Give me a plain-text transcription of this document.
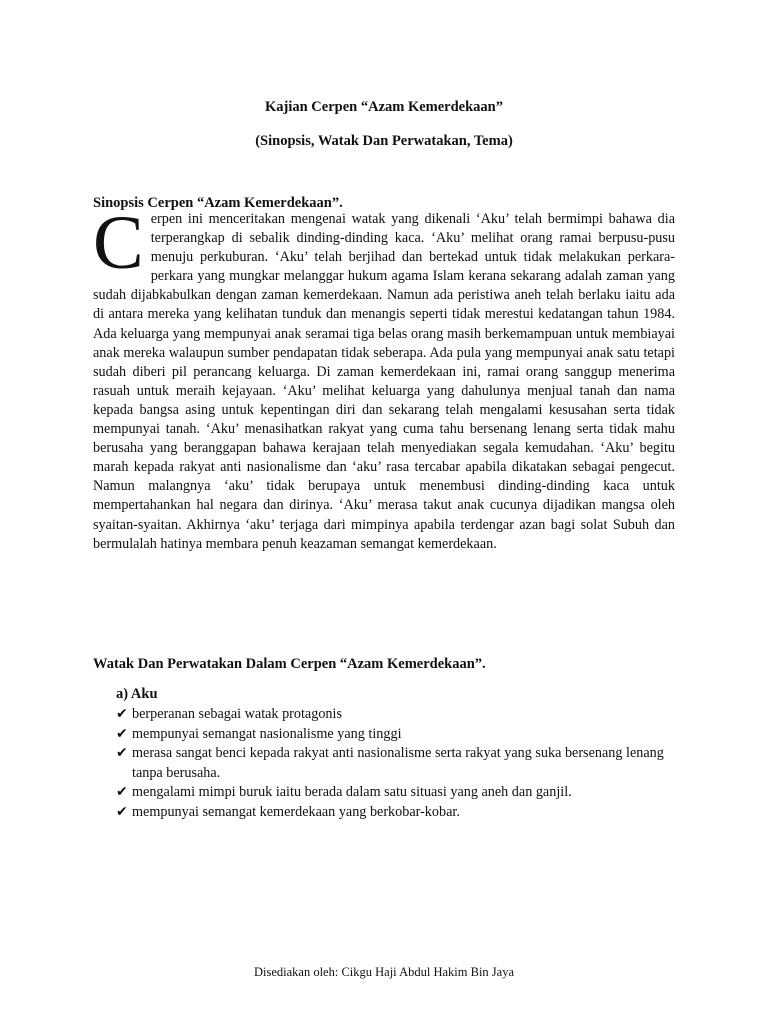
Kajian Cerpen “Azam Kemerdekaan”

(Sinopsis, Watak Dan Perwatakan, Tema)

Sinopsis Cerpen “Azam Kemerdekaan”.

Cerpen ini menceritakan mengenai watak yang dikenali ‘Aku’ telah bermimpi bahawa dia terperangkap di sebalik dinding-dinding kaca. ‘Aku’ melihat orang ramai berpusu-pusu menuju perkuburan. ‘Aku’ telah berjihad dan bertekad untuk tidak melakukan perkara-perkara yang mungkar melanggar hukum agama Islam kerana sekarang adalah zaman yang sudah dijabkabulkan dengan zaman kemerdekaan. Namun ada peristiwa aneh telah berlaku iaitu ada di antara mereka yang kelihatan tunduk dan menangis seperti tidak merestui kedatangan tahun 1984. Ada keluarga yang mempunyai anak seramai tiga belas orang masih berkemampuan untuk membiayai anak mereka walaupun sumber pendapatan tidak seberapa. Ada pula yang mempunyai anak satu tetapi sudah diberi pil perancang keluarga. Di zaman kemerdekaan ini, ramai orang sanggup menerima rasuah untuk meraih kejayaan. ‘Aku’ melihat keluarga yang dahulunya menjual tanah dan nama kepada bangsa asing untuk kepentingan diri dan sekarang telah mengalami kesusahan serta tidak mempunyai tanah. ‘Aku’ menasihatkan rakyat yang cuma tahu bersenang lenang serta tidak mahu berusaha yang beranggapan bahawa kerajaan telah menyediakan segala kemudahan. ‘Aku’ begitu marah kepada rakyat anti nasionalisme dan ‘aku’ rasa tercabar apabila dikatakan sebagai pengecut. Namun malangnya ‘aku’ tidak berupaya untuk menembusi dinding-dinding kaca untuk mempertahankan hal negara dan dirinya. ‘Aku’ merasa takut anak cucunya dijadikan mangsa oleh syaitan-syaitan. Akhirnya ‘aku’ terjaga dari mimpinya apabila terdengar azan bagi solat Subuh dan bermulalah hatinya membara penuh keazaman semangat kemerdekaan.

Watak Dan Perwatakan Dalam Cerpen “Azam Kemerdekaan”.

a) Aku

✔ berperanan sebagai watak protagonis
✔ mempunyai semangat nasionalisme yang tinggi
✔ merasa sangat benci kepada rakyat anti nasionalisme serta rakyat yang suka bersenang lenang tanpa berusaha.
✔ mengalami mimpi buruk iaitu berada dalam satu situasi yang aneh dan ganjil.
✔ mempunyai semangat kemerdekaan yang berkobar-kobar.

Disediakan oleh: Cikgu Haji Abdul Hakim Bin Jaya
